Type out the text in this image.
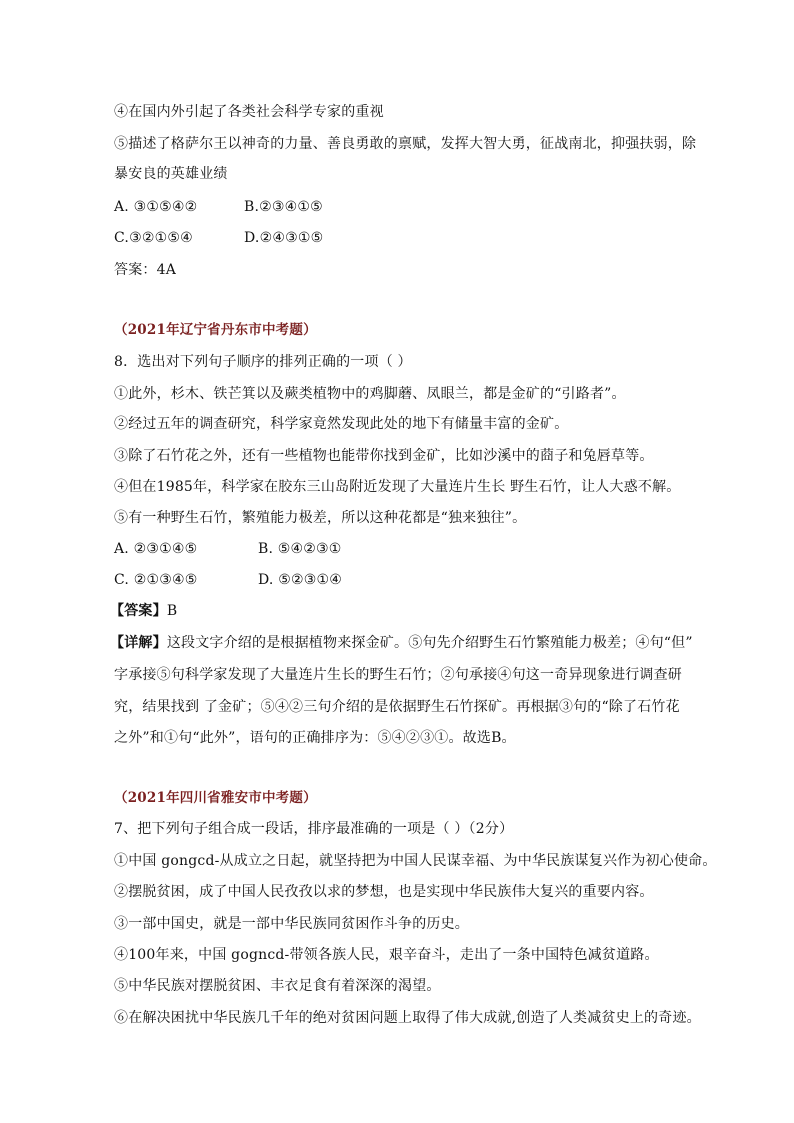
④在国内外引起了各类社会科学专家的重视
⑤描述了格萨尔王以神奇的力量、善良勇敢的禀赋，发挥大智大勇，征战南北，抑强扶弱，除
暴安良的英雄业绩
A. ③①⑤④②	B.②③④①⑤
C.③②①⑤④	D.②④③①⑤
答案：4A
（2021年辽宁省丹东市中考题）
8．选出对下列句子顺序的排列正确的一项（ ）
①此外，杉木、铁芒箕以及蕨类植物中的鸡脚蘑、凤眼兰，都是金矿的“引路者”。
②经过五年的调查研究，科学家竟然发现此处的地下有储量丰富的金矿。
③除了石竹花之外，还有一些植物也能带你找到金矿，比如沙溪中的莔子和兔唇草等。
④但在1985年，科学家在胶东三山岛附近发现了大量连片生长 野生石竹，让人大惑不解。
⑤有一种野生石竹，繁殖能力极差，所以这种花都是“独来独往”。
A. ②③①④⑤	B. ⑤④②③①
C. ②①③④⑤	D. ⑤②③①④
【答案】B
【详解】这段文字介绍的是根据植物来探金矿。⑤句先介绍野生石竹繁殖能力极差；④句“但”
字承接⑤句科学家发现了大量连片生长的野生石竹；②句承接④句这一奇异现象进行调查研
究，结果找到 了金矿；⑤④②三句介绍的是依据野生石竹探矿。再根据③句的“除了石竹花
之外”和①句“此外”，语句的正确排序为：⑤④②③①。故选B。
（2021年四川省雅安市中考题）
7、把下列句子组合成一段话，排序最准确的一项是（ ）（2分）
①中国 gongcd-从成立之日起，就坚持把为中国人民谋幸福、为中华民族谋复兴作为初心使命。
②摆脱贫困，成了中国人民孜孜以求的梦想，也是实现中华民族伟大复兴的重要内容。
③一部中国史，就是一部中华民族同贫困作斗争的历史。
④100年来，中国 gogncd-带领各族人民，艰辛奋斗，走出了一条中国特色减贫道路。
⑤中华民族对摆脱贫困、丰衣足食有着深深的渴望。
⑥在解决困扰中华民族几千年的绝对贫困问题上取得了伟大成就,创造了人类减贫史上的奇迹。
